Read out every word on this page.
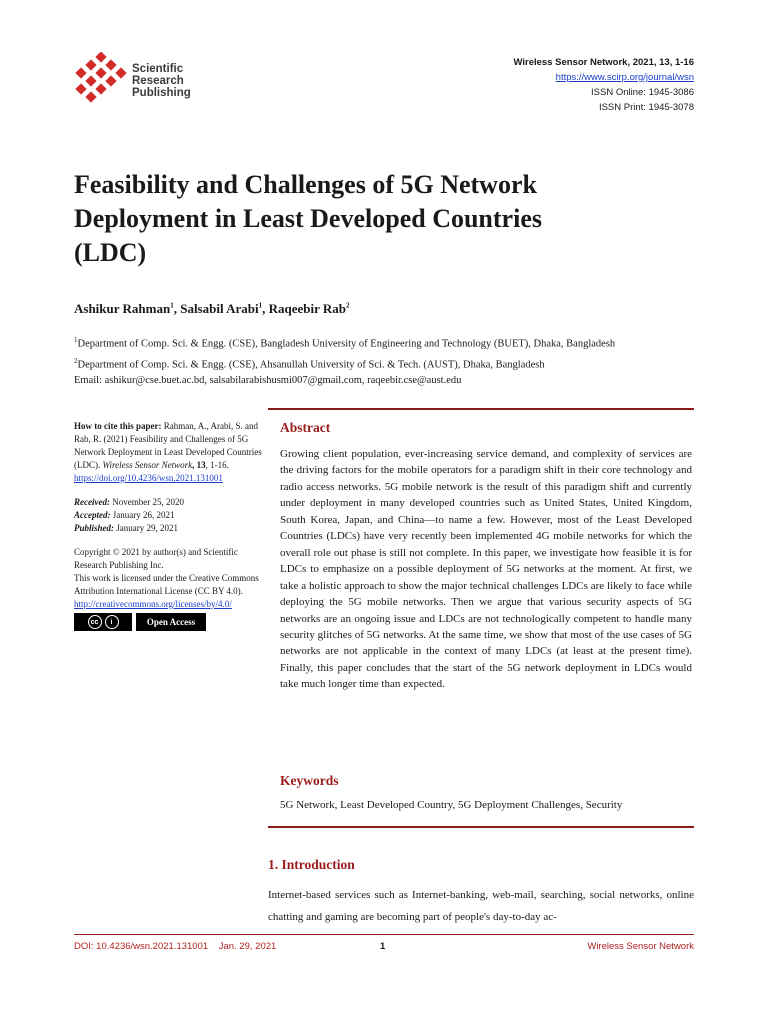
Scientific
Research
Publishing
Wireless Sensor Network, 2021, 13, 1-16
https://www.scirp.org/journal/wsn
ISSN Online: 1945-3086
ISSN Print: 1945-3078
Feasibility and Challenges of 5G Network
Deployment in Least Developed Countries
(LDC)
Ashikur Rahman$^1$, Salsabil Arabi$^1$, Raqeebir Rab$^2$
$^1$Department of Comp. Sci. & Engg. (CSE), Bangladesh University of Engineering and Technology (BUET), Dhaka, Bangladesh
$^2$Department of Comp. Sci. & Engg. (CSE), Ahsanullah University of Sci. & Tech. (AUST), Dhaka, Bangladesh
Email: ashikur@cse.buet.ac.bd, salsabilarabishusmi007@gmail.com, raqeebir.cse@aust.edu

How to cite this paper: Rahman, A., Arabi, S. and Rab, R. (2021) Feasibility and Challenges of 5G Network Deployment in Least Developed Countries (LDC). Wireless Sensor Network, 13, 1-16.
https://doi.org/10.4236/wsn.2021.131001

Received: November 25, 2020
Accepted: January 26, 2021
Published: January 29, 2021

Copyright © 2021 by author(s) and Scientific Research Publishing Inc.
This work is licensed under the Creative Commons Attribution International License (CC BY 4.0).
http://creativecommons.org/licenses/by/4.0/
cc	i	Open Access
Abstract
Growing client population, ever-increasing service demand, and complexity of services are the driving factors for the mobile operators for a paradigm shift in their core technology and radio access networks. 5G mobile network is the result of this paradigm shift and currently under deployment in many developed countries such as United States, United Kingdom, South Korea, Japan, and China—to name a few. However, most of the Least Developed Countries (LDCs) have very recently been implemented 4G mobile networks for which the overall role out phase is still not complete. In this paper, we investigate how feasible it is for LDCs to emphasize on a possible deployment of 5G networks at the moment. At first, we take a holistic approach to show the major technical challenges LDCs are likely to face while deploying the 5G mobile networks. Then we argue that various security aspects of 5G networks are an ongoing issue and LDCs are not technologically competent to handle many security glitches of 5G networks. At the same time, we show that most of the use cases of 5G networks are not applicable in the context of many LDCs (at least at the present time). Finally, this paper concludes that the start of the 5G network deployment in LDCs would take much longer time than expected.
Keywords
5G Network, Least Developed Country, 5G Deployment Challenges, Security
1. Introduction
Internet-based services such as Internet-banking, web-mail, searching, social networks, online chatting and gaming are becoming part of people's day-to-day ac-
DOI: 10.4236/wsn.2021.131001    Jan. 29, 2021	1	Wireless Sensor Network
